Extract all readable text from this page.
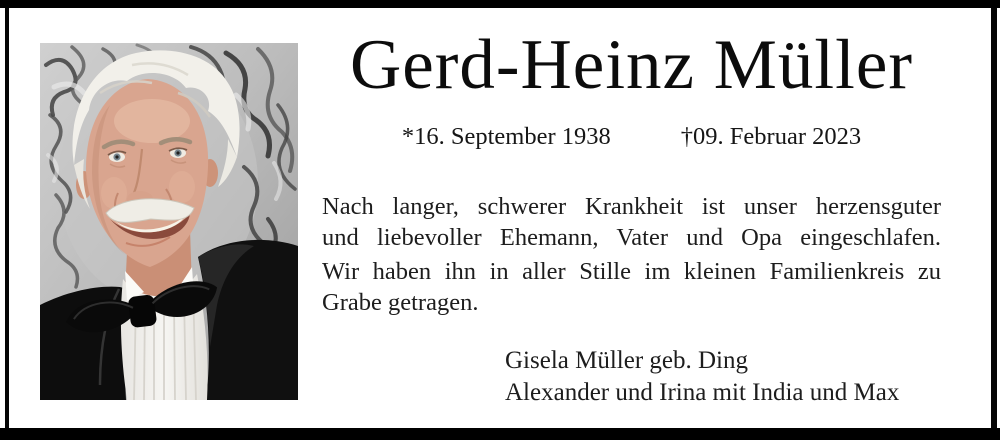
Gerd-Heinz Müller
*16. September 1938	†09. Februar 2023
Nach langer, schwerer Krankheit ist unser herzensguter
und liebevoller Ehemann, Vater und Opa eingeschlafen.
Wir haben ihn in aller Stille im kleinen Familienkreis zu
Grabe getragen.
Gisela Müller geb. Ding
Alexander und Irina mit India und Max
